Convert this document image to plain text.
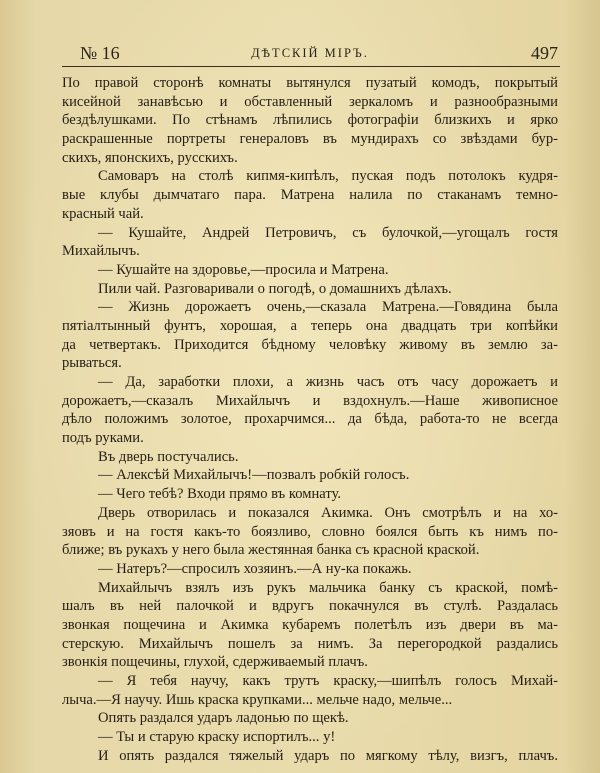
№ 16	ДѢТСКІЙ МІРЪ.	497
По правой сторонѣ комнаты вытянулся пузатый комодъ, покрытый
кисейной занавѣсью и обставленный зеркаломъ и разнообразными
бездѣлушками. По стѣнамъ лѣпились фотографіи близкихъ и ярко
раскрашенные портреты генераловъ въ мундирахъ со звѣздами бур-
скихъ, японскихъ, русскихъ.
Самоваръ на столѣ кипмя-кипѣлъ, пуская подъ потолокъ кудря-
вые клубы дымчатаго пара. Матрена налила по стаканамъ темно-
красный чай.
— Кушайте, Андрей Петровичъ, съ булочкой,—угощалъ гостя
Михайлычъ.
— Кушайте на здоровье,—просила и Матрена.
Пили чай. Разговаривали о погодѣ, о домашнихъ дѣлахъ.
— Жизнь дорожаетъ очень,—сказала Матрена.—Говядина была
пятіалтынный фунтъ, хорошая, а теперь она двадцать три копѣйки
да четвертакъ. Приходится бѣдному человѣку живому въ землю за-
рываться.
— Да, заработки плохи, а жизнь часъ отъ часу дорожаетъ и
дорожаетъ,—сказалъ Михайлычъ и вздохнулъ.—Наше живописное
дѣло положимъ золотое, прохарчимся... да бѣда, работа-то не всегда
подъ руками.
Въ дверь постучались.
— Алексѣй Михайлычъ!—позвалъ робкій голосъ.
— Чего тебѣ? Входи прямо въ комнату.
Дверь отворилась и показался Акимка. Онъ смотрѣлъ и на хо-
зяовъ и на гостя какъ-то боязливо, словно боялся быть къ нимъ по-
ближе; въ рукахъ у него была жестянная банка съ красной краской.
— Натеръ?—спросилъ хозяинъ.—А ну-ка покажь.
Михайлычъ взялъ изъ рукъ мальчика банку съ краской, помѣ-
шалъ въ ней палочкой и вдругъ покачнулся въ стулѣ. Раздалась
звонкая пощечина и Акимка кубаремъ полетѣлъ изъ двери въ ма-
стерскую. Михайлычъ пошелъ за нимъ. За перегородкой раздались
звонкія пощечины, глухой, сдерживаемый плачъ.
— Я тебя научу, какъ трутъ краску,—шипѣлъ голосъ Михай-
лыча.—Я научу. Ишь краска крупками... мельче надо, мельче...
Опять раздался ударъ ладонью по щекѣ.
— Ты и старую краску испортилъ... у!
И опять раздался тяжелый ударъ по мягкому тѣлу, визгъ, плачъ.
